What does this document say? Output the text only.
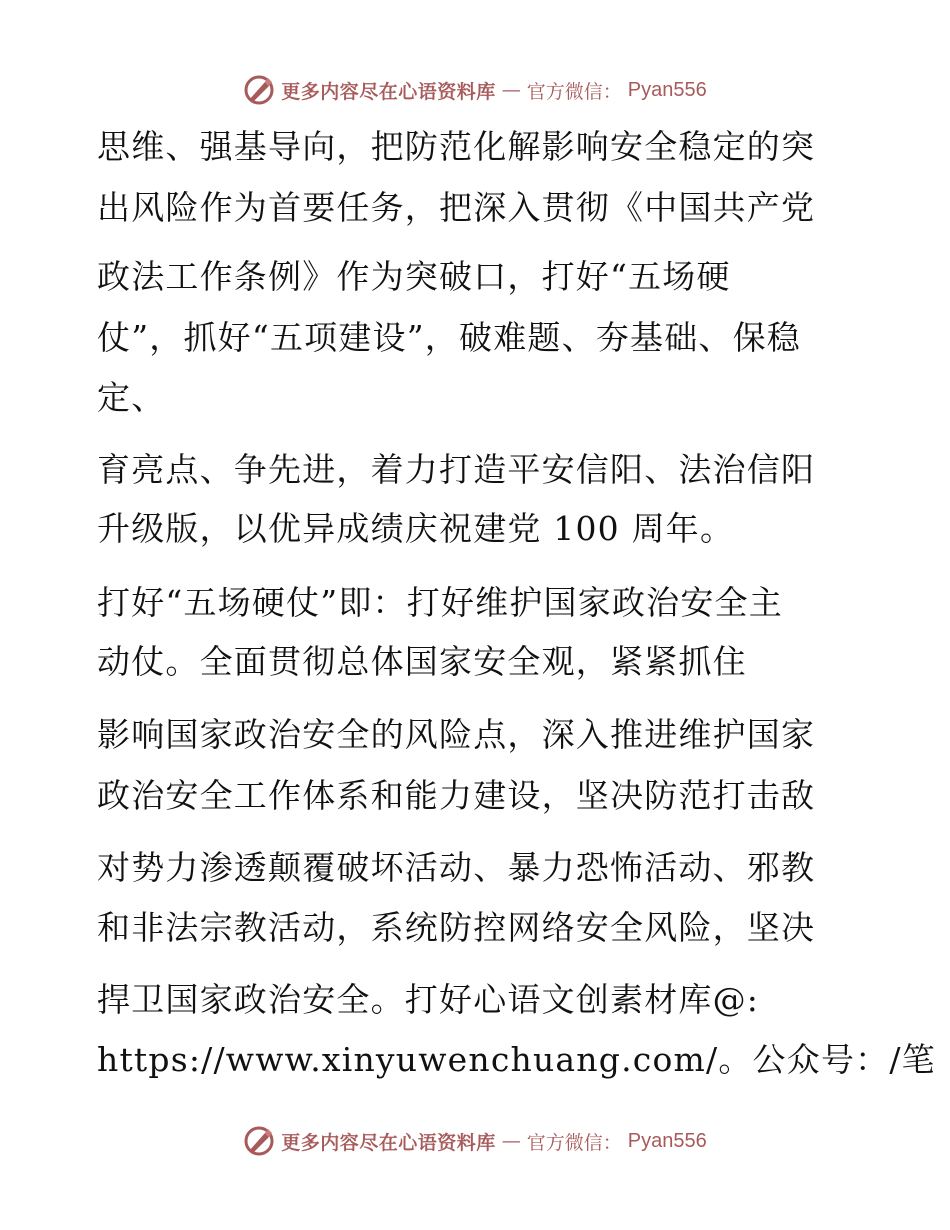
更多内容尽在心语资料库 — 官方微信： Pyan556
思维、强基导向，把防范化解影响安全稳定的突
出风险作为首要任务，把深入贯彻《中国共产党
政法工作条例》作为突破口，打好“五场硬
仗”，抓好“五项建设”，破难题、夯基础、保稳
定、
育亮点、争先进，着力打造平安信阳、法治信阳
升级版，以优异成绩庆祝建党 100 周年。
打好“五场硬仗”即：打好维护国家政治安全主
动仗。全面贯彻总体国家安全观，紧紧抓住
影响国家政治安全的风险点，深入推进维护国家
政治安全工作体系和能力建设，坚决防范打击敌
对势力渗透颠覆破坏活动、暴力恐怖活动、邪教
和非法宗教活动，系统防控网络安全风险，坚决
捍卫国家政治安全。打好心语文创素材库@:
https://www.xinyuwenchuang.com/。公众号：/笔
更多内容尽在心语资料库 — 官方微信： Pyan556
